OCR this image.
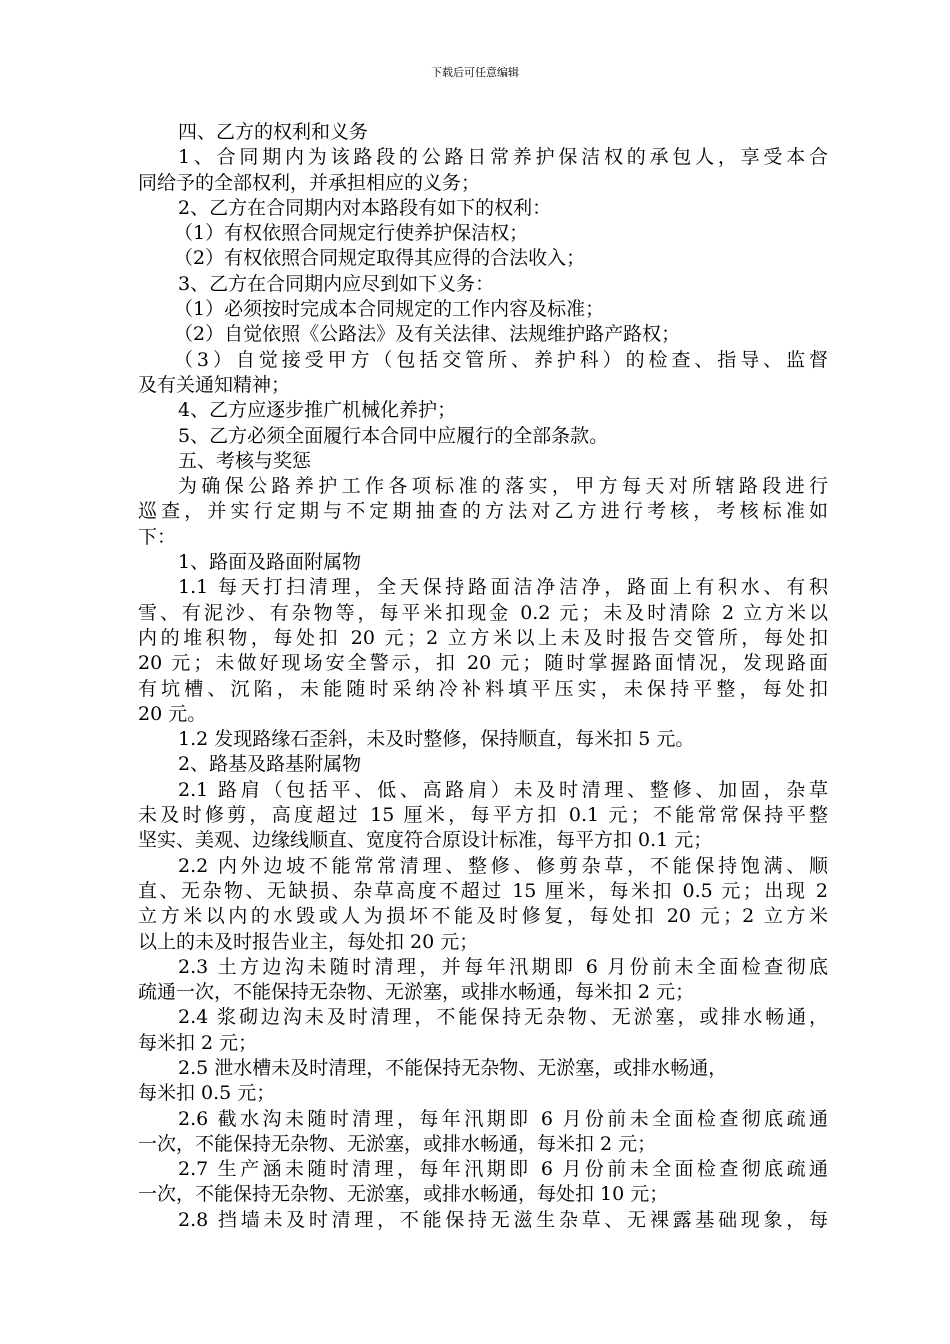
下载后可任意编辑
四、乙方的权利和义务
1、合同期内为该路段的公路日常养护保洁权的承包人，享受本合
同给予的全部权利，并承担相应的义务；
2、乙方在合同期内对本路段有如下的权利：
（1）有权依照合同规定行使养护保洁权；
（2）有权依照合同规定取得其应得的合法收入；
3、乙方在合同期内应尽到如下义务：
（1）必须按时完成本合同规定的工作内容及标准；
（2）自觉依照《公路法》及有关法律、法规维护路产路权；
（3）自觉接受甲方（包括交管所、养护科）的检查、指导、监督
及有关通知精神；
4、乙方应逐步推广机械化养护；
5、乙方必须全面履行本合同中应履行的全部条款。
五、考核与奖惩
为确保公路养护工作各项标准的落实，甲方每天对所辖路段进行
巡查，并实行定期与不定期抽查的方法对乙方进行考核，考核标准如
下：
1、路面及路面附属物
1.1 每天打扫清理，全天保持路面洁净洁净，路面上有积水、有积
雪、有泥沙、有杂物等，每平米扣现金 0.2 元；未及时清除 2 立方米以
内的堆积物，每处扣 20 元；2 立方米以上未及时报告交管所，每处扣
20 元；未做好现场安全警示，扣 20 元；随时掌握路面情况，发现路面
有坑槽、沉陷，未能随时采纳冷补料填平压实，未保持平整，每处扣
20 元。
1.2 发现路缘石歪斜，未及时整修，保持顺直，每米扣 5 元。
2、路基及路基附属物
2.1 路肩（包括平、低、高路肩）未及时清理、整修、加固，杂草
未及时修剪，高度超过 15 厘米，每平方扣 0.1 元；不能常常保持平整
坚实、美观、边缘线顺直、宽度符合原设计标准，每平方扣 0.1 元；
2.2 内外边坡不能常常清理、整修、修剪杂草，不能保持饱满、顺
直、无杂物、无缺损、杂草高度不超过 15 厘米，每米扣 0.5 元；出现 2
立方米以内的水毁或人为损坏不能及时修复，每处扣 20 元；2 立方米
以上的未及时报告业主，每处扣 20 元；
2.3 土方边沟未随时清理，并每年汛期即 6 月份前未全面检查彻底
疏通一次，不能保持无杂物、无淤塞，或排水畅通，每米扣 2 元；
2.4 浆砌边沟未及时清理，不能保持无杂物、无淤塞，或排水畅通，
每米扣 2 元；
2.5 泄水槽未及时清理，不能保持无杂物、无淤塞，或排水畅通，
每米扣 0.5 元；
2.6 截水沟未随时清理，每年汛期即 6 月份前未全面检查彻底疏通
一次，不能保持无杂物、无淤塞，或排水畅通，每米扣 2 元；
2.7 生产涵未随时清理，每年汛期即 6 月份前未全面检查彻底疏通
一次，不能保持无杂物、无淤塞，或排水畅通，每处扣 10 元；
2.8 挡墙未及时清理，不能保持无滋生杂草、无裸露基础现象，每
